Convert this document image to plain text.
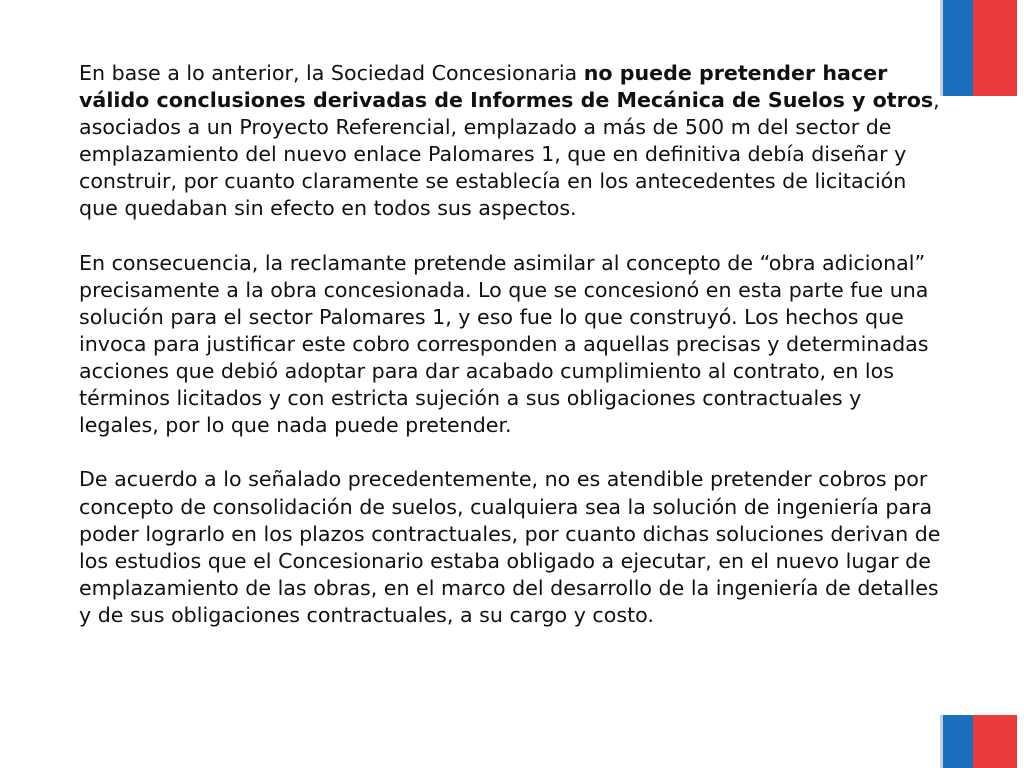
En base a lo anterior, la Sociedad Concesionaria no puede pretender hacer válido conclusiones derivadas de Informes de Mecánica de Suelos y otros, asociados a un Proyecto Referencial, emplazado a más de 500 m del sector de emplazamiento del nuevo enlace Palomares 1, que en definitiva debía diseñar y construir, por cuanto claramente se establecía en los antecedentes de licitación que quedaban sin efecto en todos sus aspectos.

En consecuencia, la reclamante pretende asimilar al concepto de “obra adicional” precisamente a la obra concesionada. Lo que se concesionó en esta parte fue una solución para el sector Palomares 1, y eso fue lo que construyó. Los hechos que invoca para justificar este cobro corresponden a aquellas precisas y determinadas acciones que debió adoptar para dar acabado cumplimiento al contrato, en los términos licitados y con estricta sujeción a sus obligaciones contractuales y legales, por lo que nada puede pretender.

De acuerdo a lo señalado precedentemente, no es atendible pretender cobros por concepto de consolidación de suelos, cualquiera sea la solución de ingeniería para poder lograrlo en los plazos contractuales, por cuanto dichas soluciones derivan de los estudios que el Concesionario estaba obligado a ejecutar, en el nuevo lugar de emplazamiento de las obras, en el marco del desarrollo de la ingeniería de detalles y de sus obligaciones contractuales, a su cargo y costo.
